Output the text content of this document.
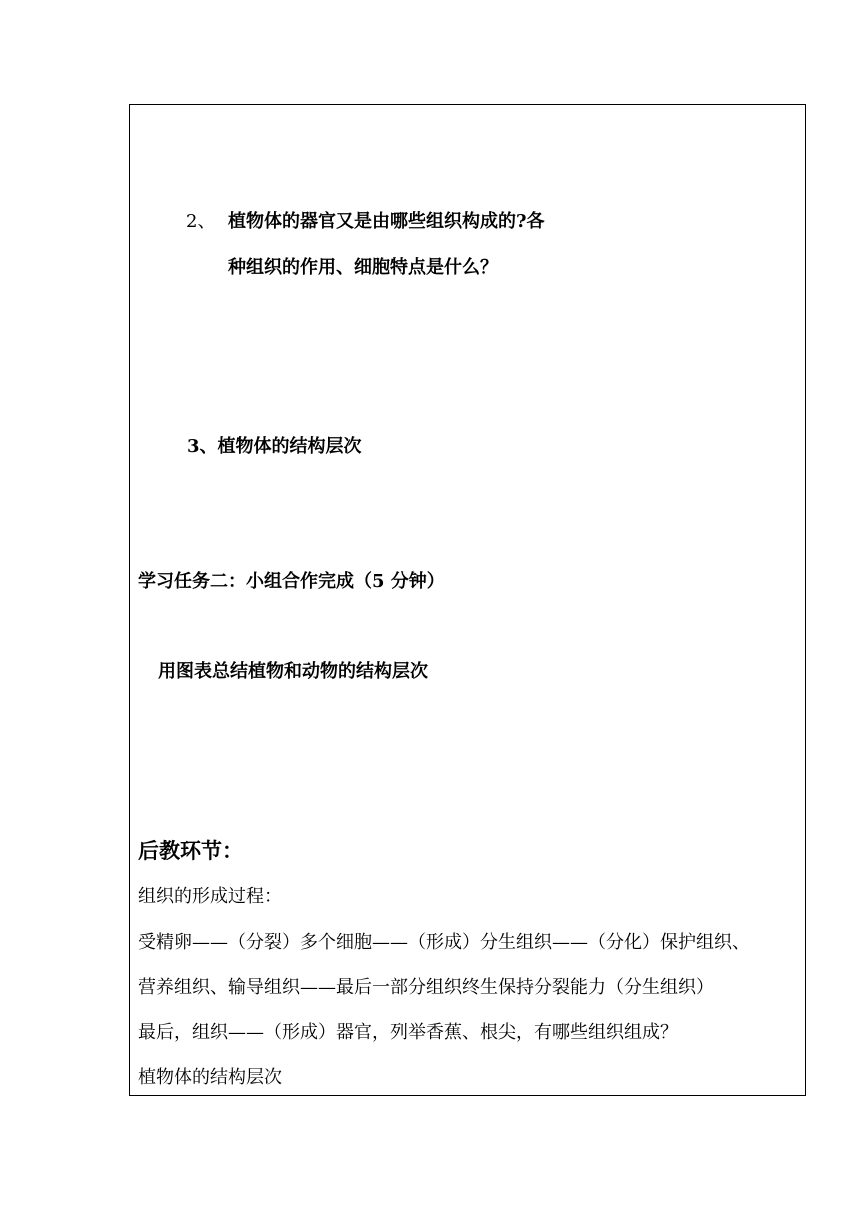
2、 植物体的器官又是由哪些组织构成的?各
种组织的作用、细胞特点是什么？
3、植物体的结构层次
学习任务二：小组合作完成（5 分钟）
用图表总结植物和动物的结构层次
后教环节：
组织的形成过程：
受精卵——（分裂）多个细胞——（形成）分生组织——（分化）保护组织、
营养组织、输导组织——最后一部分组织终生保持分裂能力（分生组织）
最后，组织——（形成）器官，列举香蕉、根尖，有哪些组织组成？
植物体的结构层次
